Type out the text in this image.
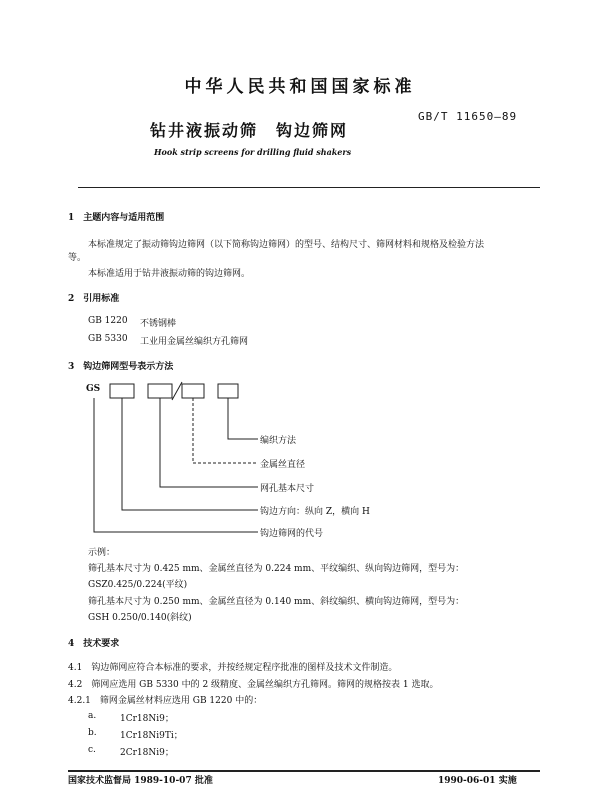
中华人民共和国国家标准
GB/T 11650—89
钻井液振动筛　钩边筛网
Hook strip screens for drilling fluid shakers
1　主题内容与适用范围
本标准规定了振动筛钩边筛网（以下简称钩边筛网）的型号、结构尺寸、筛网材料和规格及检验方法
等。
本标准适用于钻井液振动筛的钩边筛网。
2　引用标准
GB 1220 不锈钢棒
GB 5330 工业用金属丝编织方孔筛网
3　钩边筛网型号表示方法
GS
编织方法
金属丝直径
网孔基本尺寸
钩边方向：纵向 Z，横向 H
钩边筛网的代号
示例：
筛孔基本尺寸为 0.425 mm、金属丝直径为 0.224 mm、平纹编织、纵向钩边筛网，型号为：
GSZ0.425/0.224(平纹)
筛孔基本尺寸为 0.250 mm、金属丝直径为 0.140 mm、斜纹编织、横向钩边筛网，型号为：
GSH 0.250/0.140(斜纹)
4　技术要求
4.1　钩边筛网应符合本标准的要求，并按经规定程序批准的图样及技术文件制造。
4.2　筛网应选用 GB 5330 中的 2 级精度、金属丝编织方孔筛网。筛网的规格按表 1 选取。
4.2.1　筛网金属丝材料应选用 GB 1220 中的：
a.	1Cr18Ni9；
b.	1Cr18Ni9Ti；
c.	2Cr18Ni9；
国家技术监督局 1989-10-07 批准	1990-06-01 实施
